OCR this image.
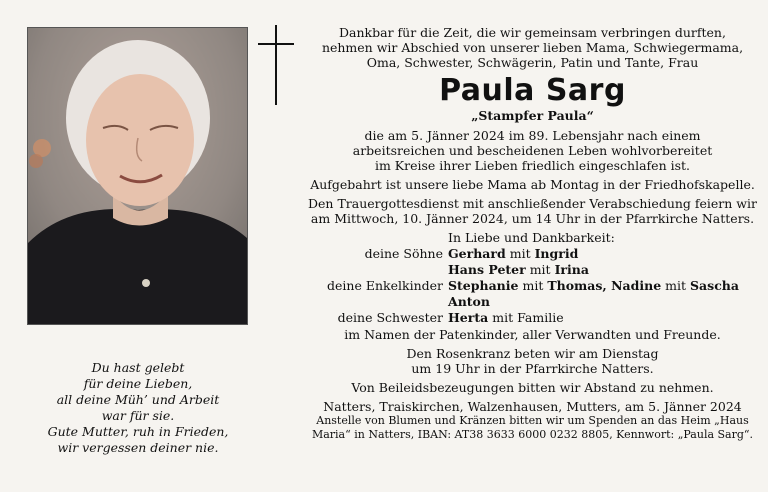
Du hast gelebt
für deine Lieben,
all deine Müh’ und Arbeit
war für sie.
Gute Mutter, ruh in Frieden,
wir vergessen deiner nie.
Dankbar für die Zeit, die wir gemeinsam verbringen durften,
nehmen wir Abschied von unserer lieben Mama, Schwiegermama,
Oma, Schwester, Schwägerin, Patin und Tante, Frau
Paula Sarg
„Stampfer Paula“
die am 5. Jänner 2024 im 89. Lebensjahr nach einem
arbeitsreichen und bescheidenen Leben wohlvorbereitet
im Kreise ihrer Lieben friedlich eingeschlafen ist.
Aufgebahrt ist unsere liebe Mama ab Montag in der Friedhofskapelle.
Den Trauergottesdienst mit anschließender Verabschiedung feiern wir
am Mittwoch, 10. Jänner 2024, um 14 Uhr in der Pfarrkirche Natters.
In Liebe und Dankbarkeit:
deine Söhne Gerhard mit Ingrid
Hans Peter mit Irina
deine Enkelkinder Stephanie mit Thomas, Nadine mit Sascha
Anton
deine Schwester Herta mit Familie
im Namen der Patenkinder, aller Verwandten und Freunde.
Den Rosenkranz beten wir am Dienstag
um 19 Uhr in der Pfarrkirche Natters.
Von Beileidsbezeugungen bitten wir Abstand zu nehmen.
Natters, Traiskirchen, Walzenhausen, Mutters, am 5. Jänner 2024
Anstelle von Blumen und Kränzen bitten wir um Spenden an das Heim „Haus
Maria“ in Natters, IBAN: AT38 3633 6000 0232 8805, Kennwort: „Paula Sarg“.
